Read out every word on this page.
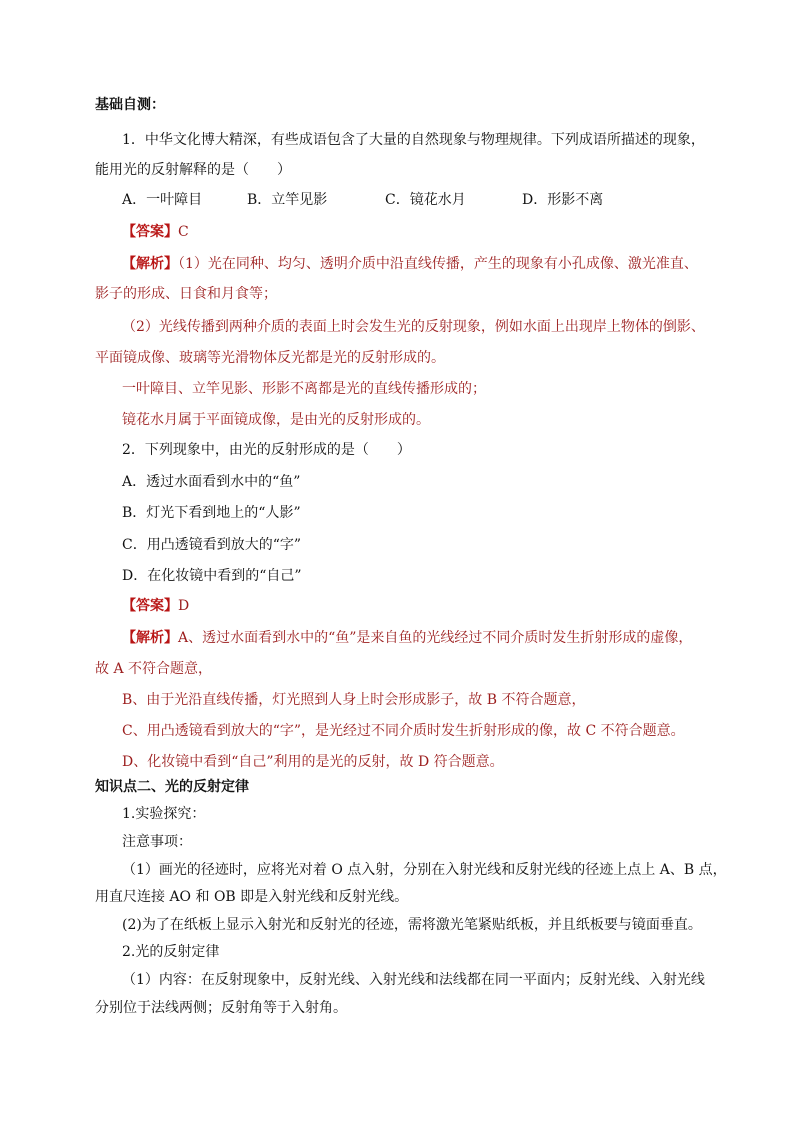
基础自测：
1．中华文化博大精深，有些成语包含了大量的自然现象与物理规律。下列成语所描述的现象，
能用光的反射解释的是（　　）
A．一叶障目	B．立竿见影	C．镜花水月	D．形影不离
【答案】C
【解析】（1）光在同种、均匀、透明介质中沿直线传播，产生的现象有小孔成像、激光准直、
影子的形成、日食和月食等；
（2）光线传播到两种介质的表面上时会发生光的反射现象，例如水面上出现岸上物体的倒影、
平面镜成像、玻璃等光滑物体反光都是光的反射形成的。
一叶障目、立竿见影、形影不离都是光的直线传播形成的；
镜花水月属于平面镜成像，是由光的反射形成的。
2．下列现象中，由光的反射形成的是（　　）
A．透过水面看到水中的“鱼”
B．灯光下看到地上的“人影”
C．用凸透镜看到放大的“字”
D．在化妆镜中看到的“自己”
【答案】D
【解析】A、透过水面看到水中的“鱼”是来自鱼的光线经过不同介质时发生折射形成的虚像，
故 A 不符合题意，
B、由于光沿直线传播，灯光照到人身上时会形成影子，故 B 不符合题意，
C、用凸透镜看到放大的“字”，是光经过不同介质时发生折射形成的像，故 C 不符合题意。
D、化妆镜中看到“自己”利用的是光的反射，故 D 符合题意。
知识点二、光的反射定律
1.实验探究：
注意事项：
（1）画光的径迹时，应将光对着 O 点入射，分别在入射光线和反射光线的径迹上点上 A、B 点，
用直尺连接 AO 和 OB 即是入射光线和反射光线。
(2)为了在纸板上显示入射光和反射光的径迹，需将激光笔紧贴纸板，并且纸板要与镜面垂直。
2.光的反射定律
（1）内容：在反射现象中，反射光线、入射光线和法线都在同一平面内；反射光线、入射光线
分别位于法线两侧；反射角等于入射角。
